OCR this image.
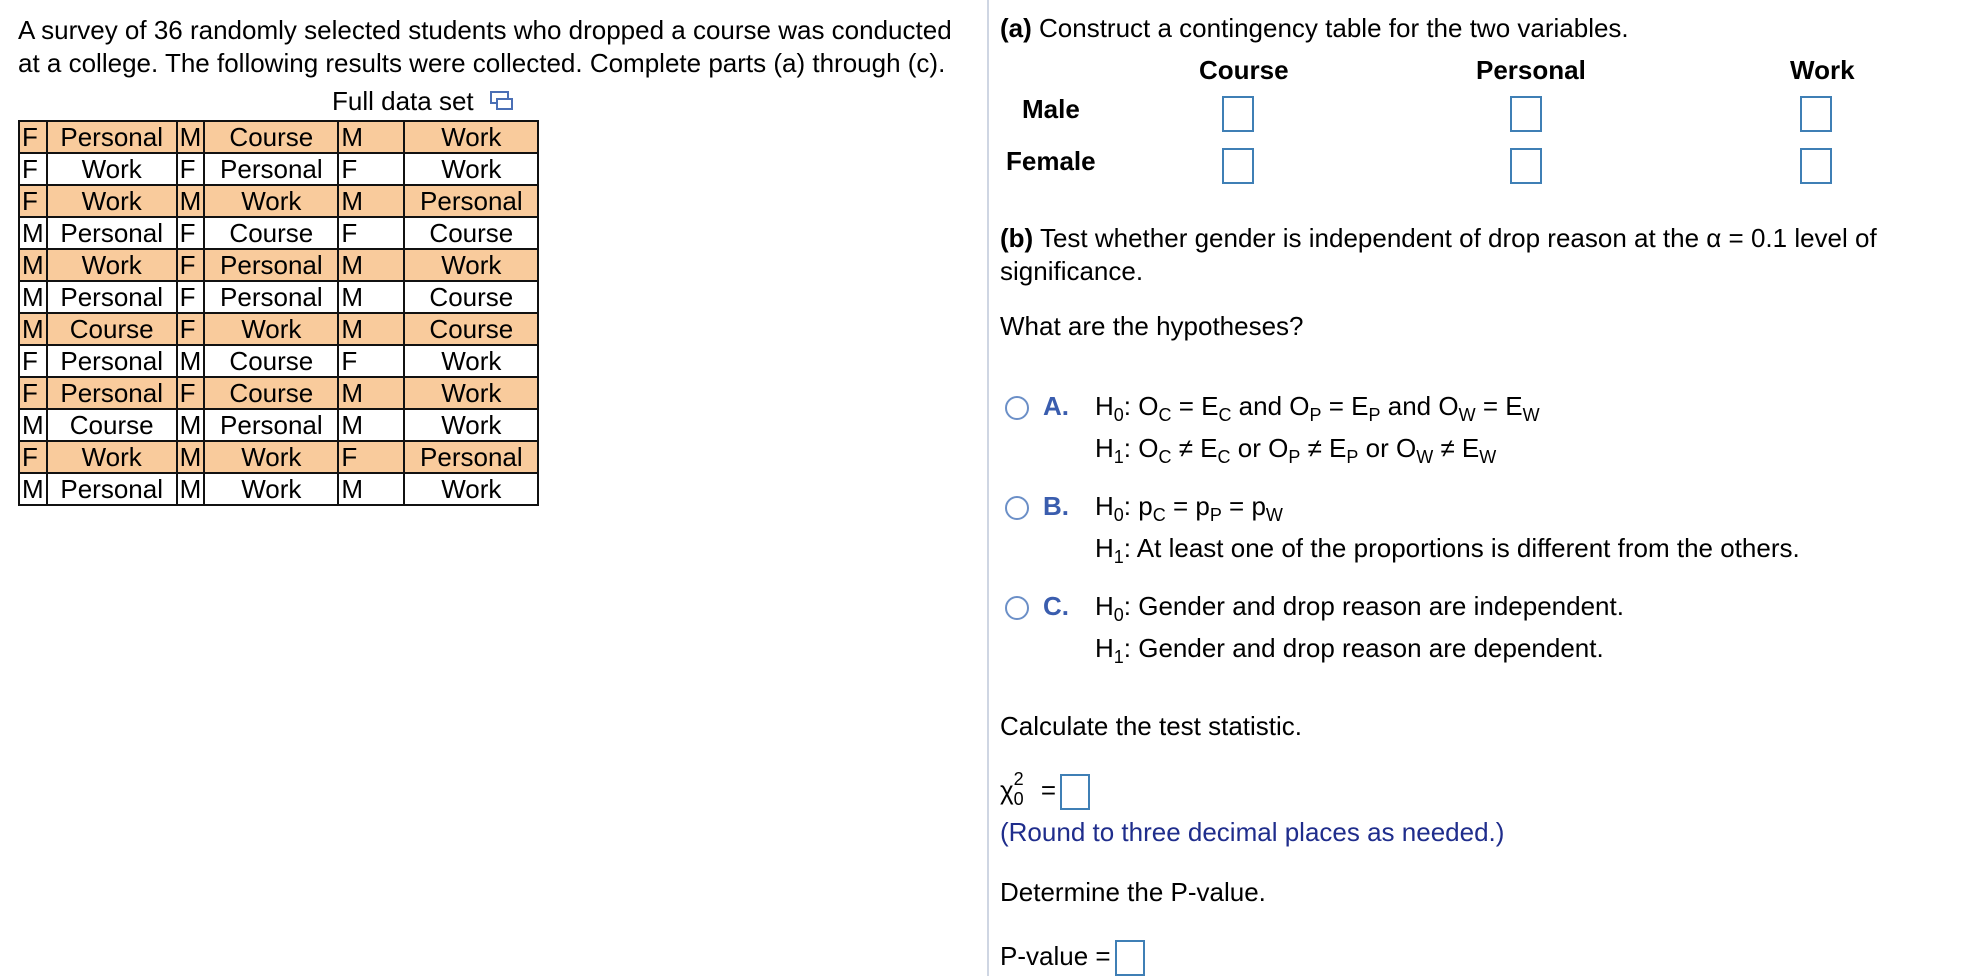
A survey of 36 randomly selected students who dropped a course was conducted at a college. The following results were collected. Complete parts (a) through (c).

Full data set
F	Personal	M	Course	M	Work
F	Work	F	Personal	F	Work
F	Work	M	Work	M	Personal
M	Personal	F	Course	F	Course
M	Work	F	Personal	M	Work
M	Personal	F	Personal	M	Course
M	Course	F	Work	M	Course
F	Personal	M	Course	F	Work
F	Personal	F	Course	M	Work
M	Course	M	Personal	M	Work
F	Work	M	Work	F	Personal
M	Personal	M	Work	M	Work
(a) Construct a contingency table for the two variables.
Course	Personal	Work
Male
Female
(b) Test whether gender is independent of drop reason at the α = 0.1 level of significance.
What are the hypotheses?
A. $H_0$: $O_C = E_C$ and $O_P = E_P$ and $O_W = E_W$
$H_1$: $O_C \ne E_C$ or $O_P \ne E_P$ or $O_W \ne E_W$
B. $H_0$: $p_C = p_P = p_W$
$H_1$: At least one of the proportions is different from the others.
C. $H_0$: Gender and drop reason are independent.
$H_1$: Gender and drop reason are dependent.
Calculate the test statistic.
$\chi_0^2$ =
(Round to three decimal places as needed.)
Determine the P-value.
P-value =
